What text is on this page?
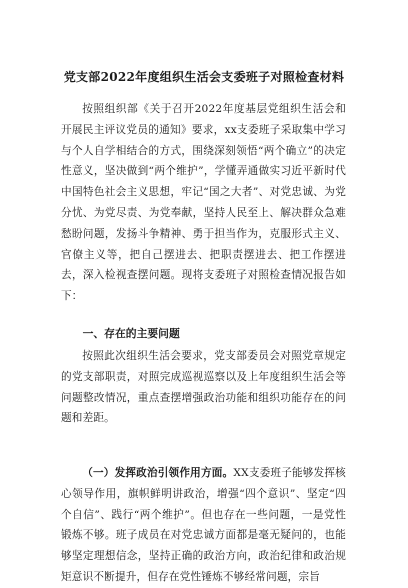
党支部2022年度组织生活会支委班子对照检查材料
按照组织部《关于召开2022年度基层党组织生活会和开展民主评议党员的通知》要求，xx支委班子采取集中学习与个人自学相结合的方式，围绕深刻领悟“两个确立”的决定性意义，坚决做到“两个维护”，学懂弄通做实习近平新时代中国特色社会主义思想，牢记“国之大者”、对党忠诚、为党分忧、为党尽责、为党奉献，坚持人民至上、解决群众急难愁盼问题，发扬斗争精神、勇于担当作为，克服形式主义、官僚主义等，把自己摆进去、把职责摆进去、把工作摆进去，深入检视查摆问题。现将支委班子对照检查情况报告如下：
一、存在的主要问题
按照此次组织生活会要求，党支部委员会对照党章规定的党支部职责，对照完成巡视巡察以及上年度组织生活会等问题整改情况，重点查摆增强政治功能和组织功能存在的问题和差距。
（一）发挥政治引领作用方面。XX支委班子能够发挥核心领导作用，旗帜鲜明讲政治，增强“四个意识”、坚定“四个自信”、践行“两个维护”。但也存在一些问题，一是党性锻炼不够。班子成员在对党忠诚方面都是毫无疑问的，也能够坚定理想信念，坚持正确的政治方向，政治纪律和政治规矩意识不断提升，但存在党性锤炼不够经常问题，宗旨
